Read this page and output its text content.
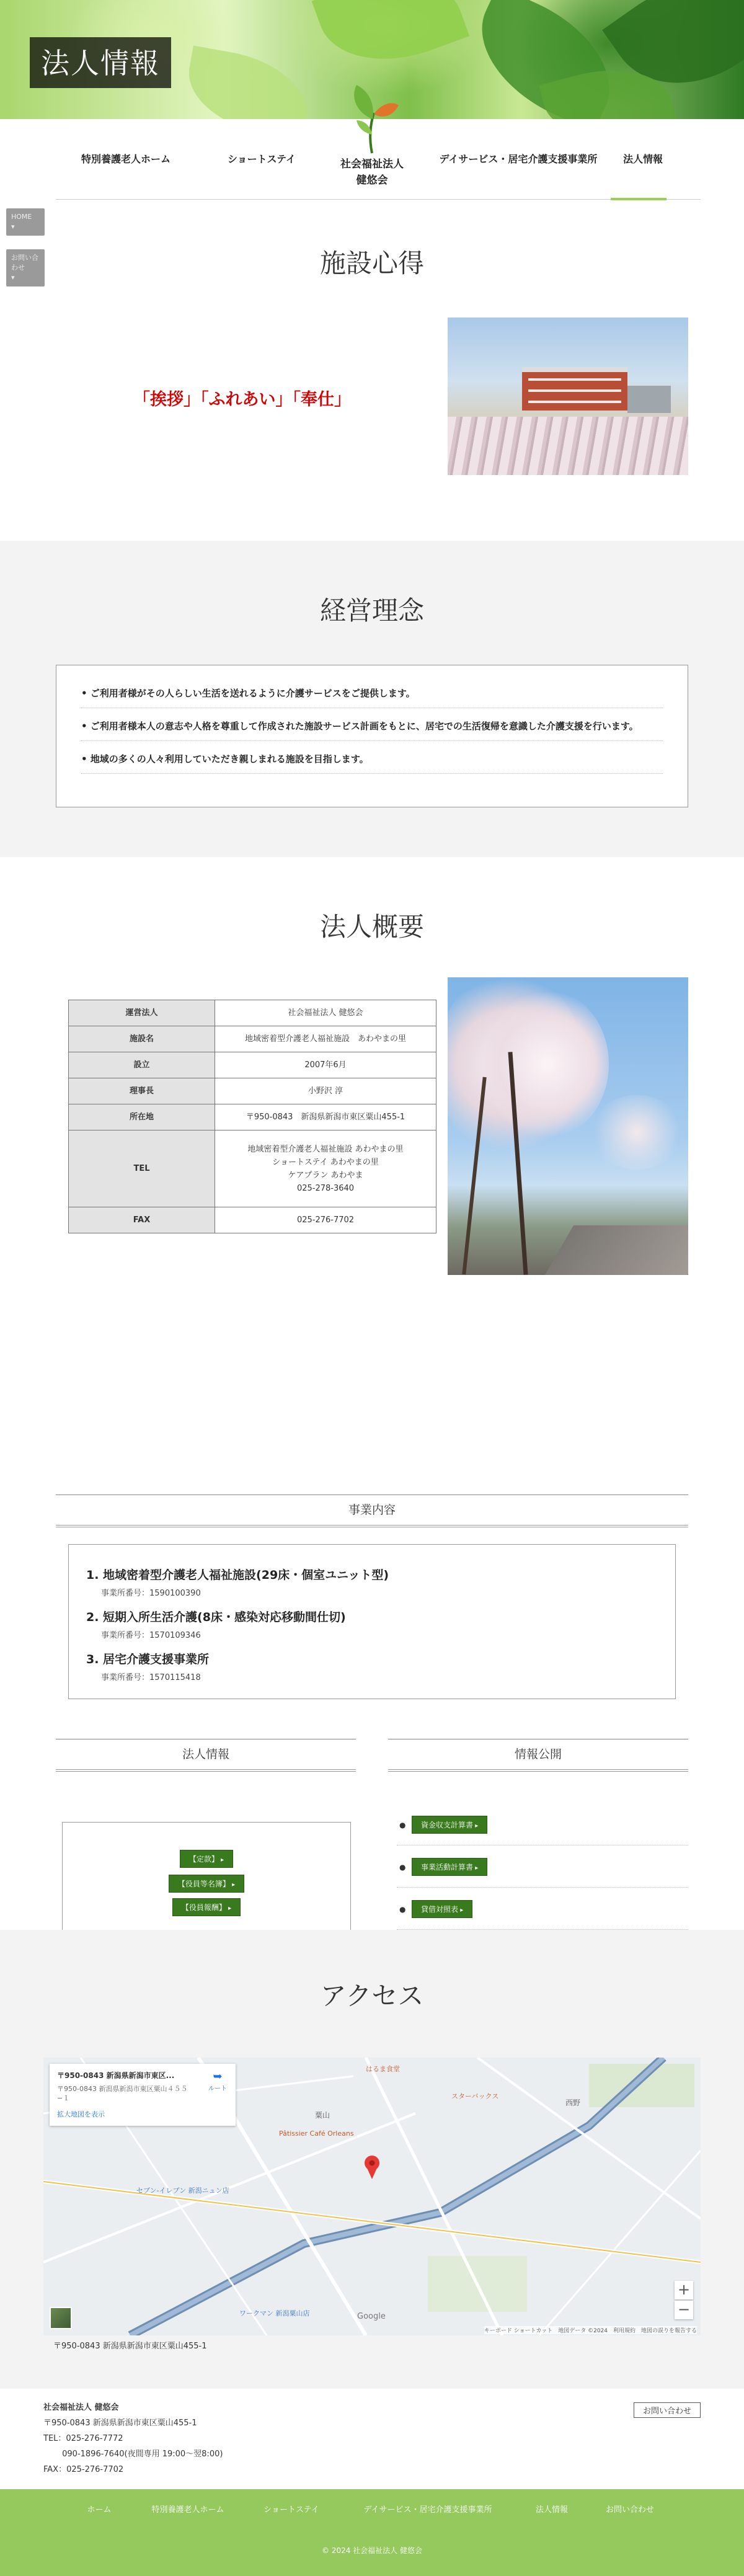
法人情報
特別養護老人ホーム	ショートステイ	社会福祉法人
健悠会
デイサービス・居宅介護支援事業所	法人情報
HOME
▾
お問い合わせ
▾	施設心得
「挨拶」「ふれあい」「奉仕」
経営理念
• ご利用者様がその人らしい生活を送れるように介護サービスをご提供します。
• ご利用者様本人の意志や人格を尊重して作成された施設サービス計画をもとに、居宅での生活復帰を意識した介護支援を行います。
• 地域の多くの人々利用していただき親しまれる施設を目指します。
法人概要
運営法人	社会福祉法人 健悠会
施設名	地域密着型介護老人福祉施設　あわやまの里
設立	2007年6月
理事長	小野沢 淳
所在地	〒950-0843　新潟県新潟市東区粟山455-1
TEL	地域密着型介護老人福祉施設 あわやまの里
ショートステイ あわやまの里
ケアプラン あわやま
025-278-3640

FAX	025-276-7702
事業内容
1. 地域密着型介護老人福祉施設(29床・個室ユニット型)
事業所番号：1590100390
2. 短期入所生活介護(8床・感染対応移動間仕切)
事業所番号：1570109346
3. 居宅介護支援事業所
事業所番号：1570115418
法人情報	情報公開
【定款】 ▸
【役員等名簿】 ▸
【役員報酬】 ▸
●	資金収支計算書 ▸
●	事業活動計算書 ▸
●	貸借対照表 ▸
▸
アクセス
はるま食堂
スターバックス
Pâtissier Café Orleans
セブン-イレブン 新潟ニュン店
ワークマン 新潟粟山店
西野
粟山
Google
キーボード ショートカット　地図データ ©2024　利用規約　地図の誤りを報告する
〒950-0843 新潟県新潟市東区...
〒950-0843 新潟県新潟市東区粟山４５５−１
➥
ルート
拡大地図を表示
+
−
〒950-0843 新潟県新潟市東区粟山455-1
社会福祉法人 健悠会
〒950-0843 新潟県新潟市東区粟山455-1
TEL：025-276-7772
　　 090-1896-7640(夜間専用 19:00～翌8:00)
FAX：025-276-7702
お問い合わせ
ホーム	特別養護老人ホーム	ショートステイ	デイサービス・居宅介護支援事業所	法人情報	お問い合わせ
© 2024 社会福祉法人 健悠会
